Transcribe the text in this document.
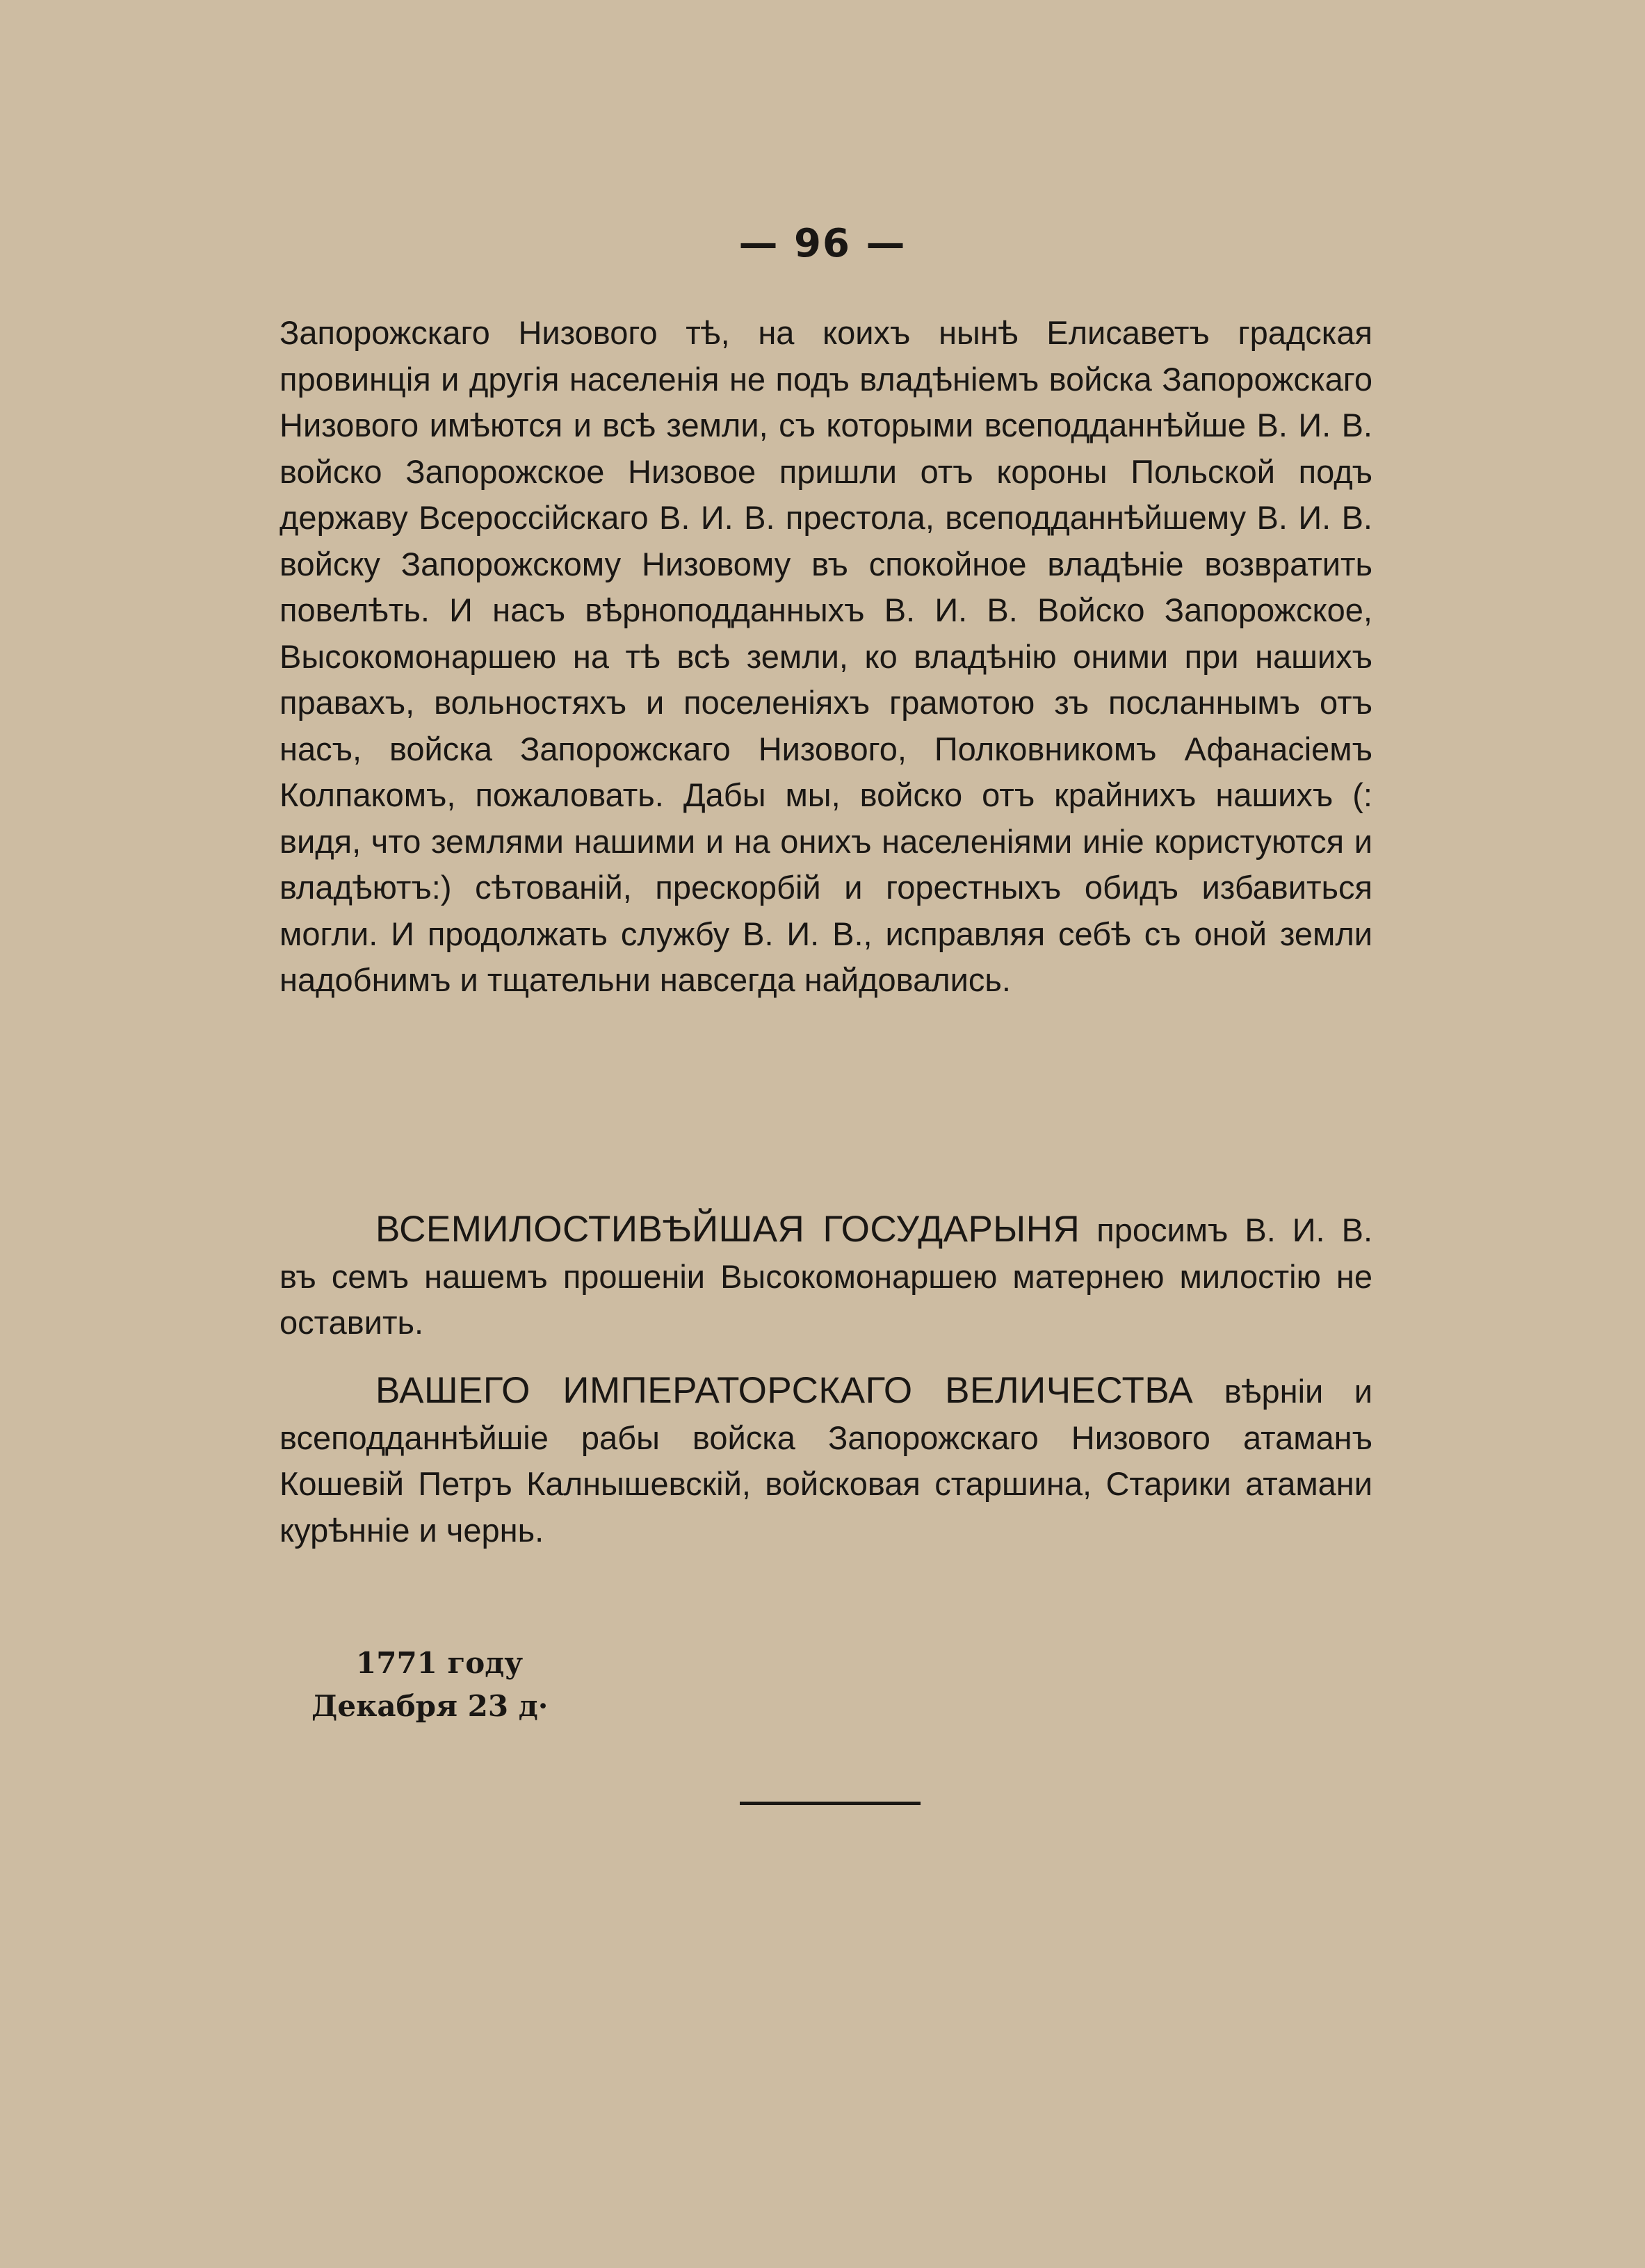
— 96 —
Запорожскаго Низового тѣ, на коихъ нынѣ Елисаветъ градская провинція и другія населенія не подъ владѣніемъ войска Запорожскаго Низового имѣются и всѣ земли, съ которыми всеподданнѣйше В. И. В. войско Запорожское Низовое пришли отъ короны Польской подъ державу Всероссійскаго В. И. В. престола, всеподданнѣйшему В. И. В. войску Запорожскому Низовому въ спокойное владѣніе возвратить повелѣть. И насъ вѣрноподданныхъ В. И. В. Войско Запорожское, Высокомонаршею на тѣ всѣ земли, ко владѣнію оними при нашихъ правахъ, вольностяхъ и поселеніяхъ грамотою зъ посланнымъ отъ насъ, войска Запорожскаго Низового, Полковникомъ Афанасіемъ Колпакомъ, пожаловать. Дабы мы, войско отъ крайнихъ нашихъ (: видя, что землями нашими и на онихъ населеніями иніе користуются и владѣютъ:) сѣтованій, прескорбій и горестныхъ обидъ избавиться могли. И продолжать службу В. И. В., исправляя себѣ съ оной земли надобнимъ и тщательни навсегда найдовались.
ВСЕМИЛОСТИВѢЙШАЯ ГОСУДАРЫНЯ просимъ В. И. В. въ семъ нашемъ прошеніи Высокомонаршею матернею милостію не оставить.
ВАШЕГО ИМПЕРАТОРСКАГО ВЕЛИЧЕСТВА вѣрніи и всеподданнѣйшіе рабы войска Запорожскаго Низового атаманъ Кошевій Петръ Калнышевскій, войсковая старшина, Старики атамани курѣнніе и чернь.
1771 году
Декабря 23 д·
